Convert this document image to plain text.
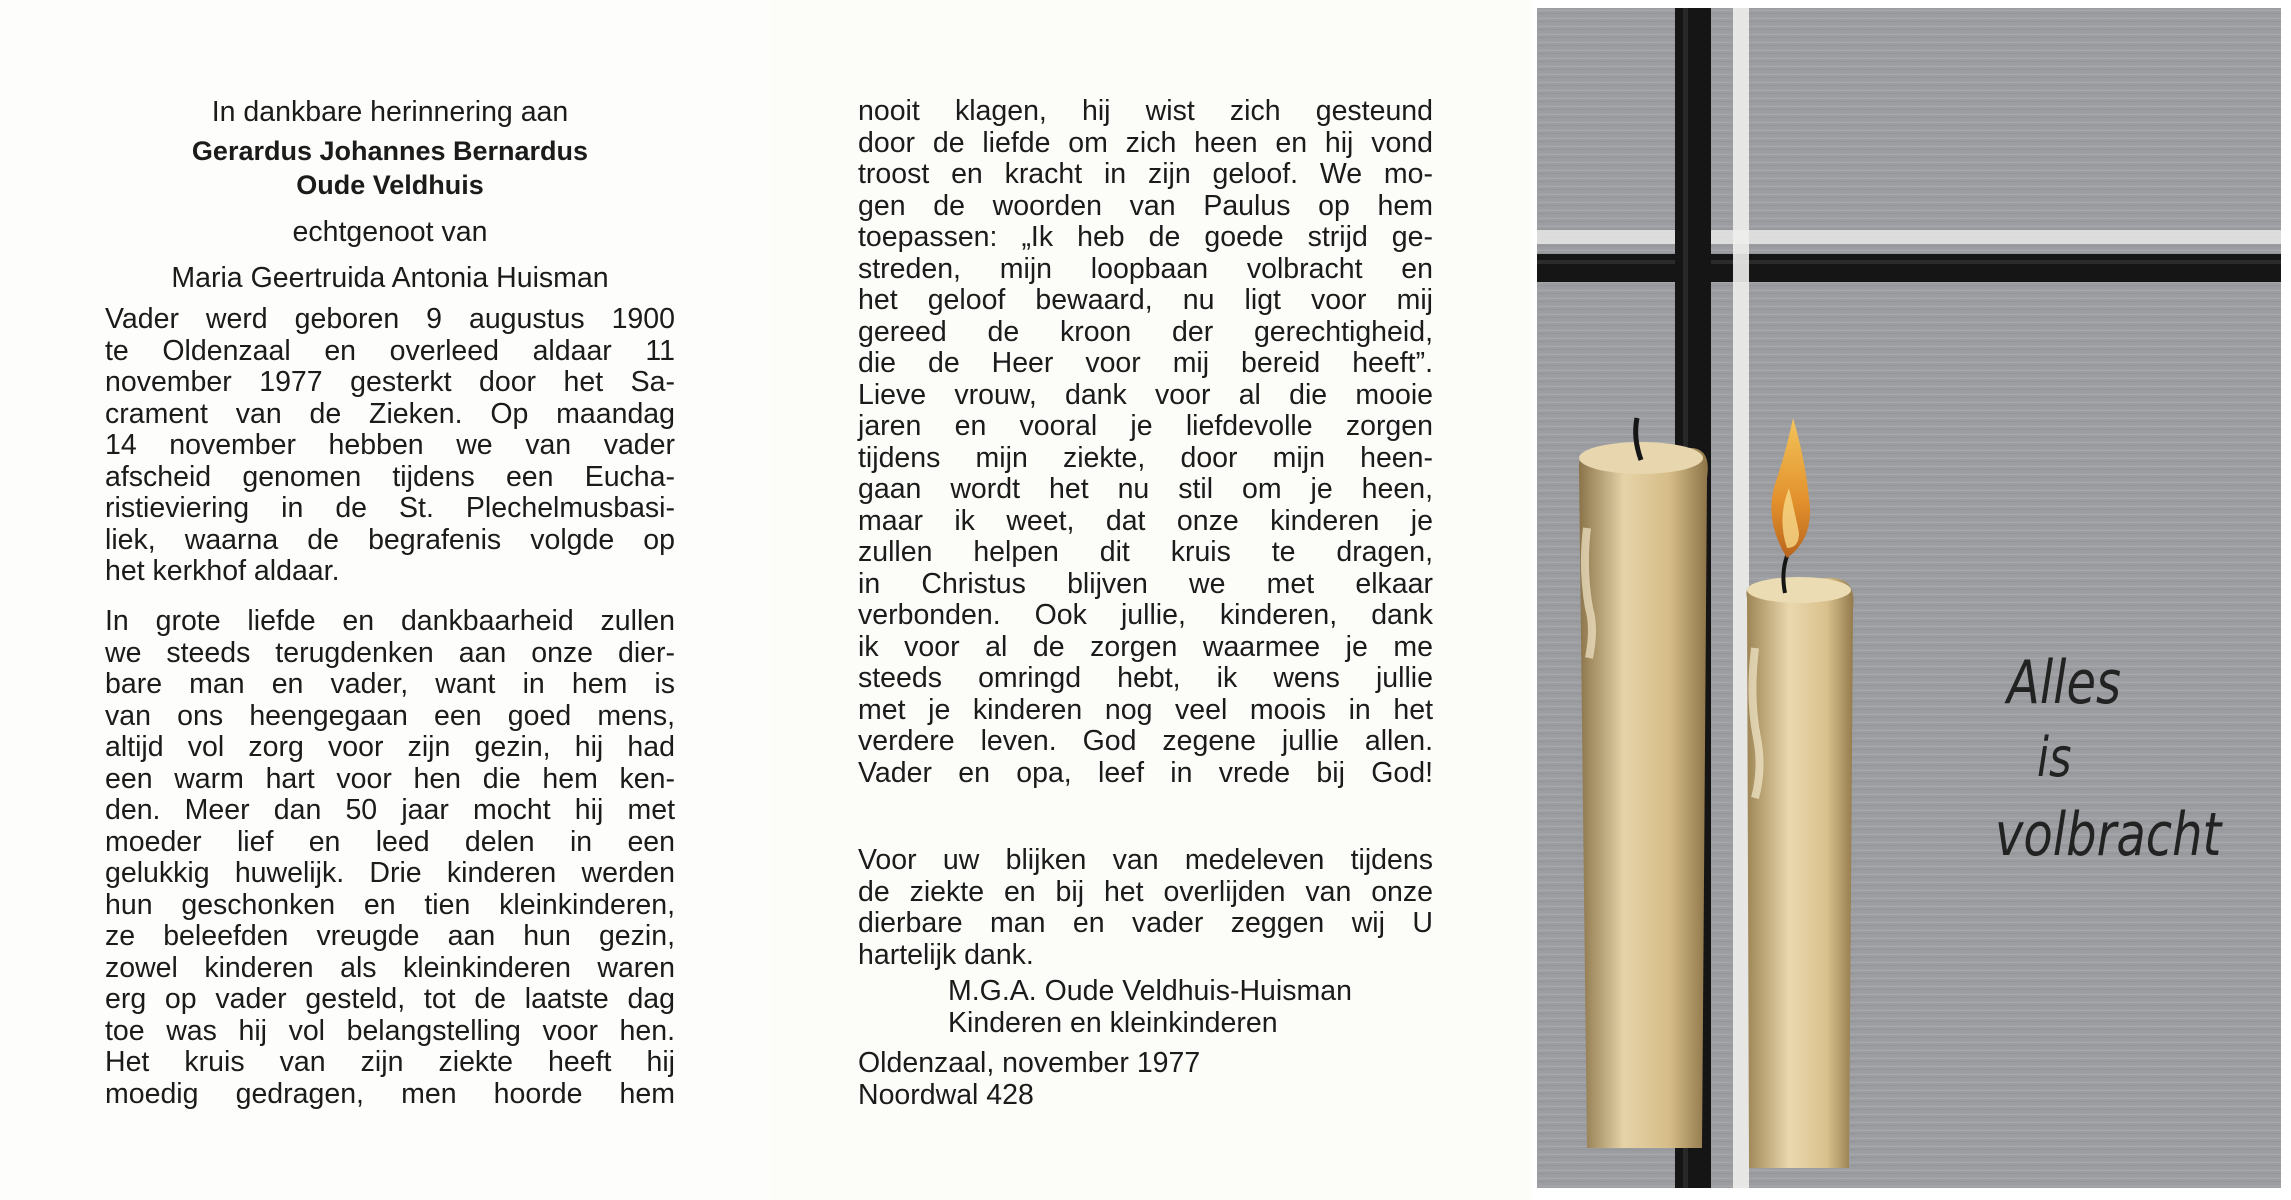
In dankbare herinnering aan
Gerardus Johannes Bernardus
Oude Veldhuis
echtgenoot van
Maria Geertruida Antonia Huisman
Vader werd geboren 9 augustus 1900
te Oldenzaal en overleed aldaar 11
november 1977 gesterkt door het Sa-
crament van de Zieken. Op maandag
14 november hebben we van vader
afscheid genomen tijdens een Eucha-
ristieviering in de St. Plechelmusbasi-
liek, waarna de begrafenis volgde op
het kerkhof aldaar.
In grote liefde en dankbaarheid zullen
we steeds terugdenken aan onze dier-
bare man en vader, want in hem is
van ons heengegaan een goed mens,
altijd vol zorg voor zijn gezin, hij had
een warm hart voor hen die hem ken-
den. Meer dan 50 jaar mocht hij met
moeder lief en leed delen in een
gelukkig huwelijk. Drie kinderen werden
hun geschonken en tien kleinkinderen,
ze beleefden vreugde aan hun gezin,
zowel kinderen als kleinkinderen waren
erg op vader gesteld, tot de laatste dag
toe was hij vol belangstelling voor hen.
Het kruis van zijn ziekte heeft hij
moedig gedragen, men hoorde hem
nooit klagen, hij wist zich gesteund
door de liefde om zich heen en hij vond
troost en kracht in zijn geloof. We mo-
gen de woorden van Paulus op hem
toepassen: „Ik heb de goede strijd ge-
streden, mijn loopbaan volbracht en
het geloof bewaard, nu ligt voor mij
gereed de kroon der gerechtigheid,
die de Heer voor mij bereid heeft”.
Lieve vrouw, dank voor al die mooie
jaren en vooral je liefdevolle zorgen
tijdens mijn ziekte, door mijn heen-
gaan wordt het nu stil om je heen,
maar ik weet, dat onze kinderen je
zullen helpen dit kruis te dragen,
in Christus blijven we met elkaar
verbonden. Ook jullie, kinderen, dank
ik voor al de zorgen waarmee je me
steeds omringd hebt, ik wens jullie
met je kinderen nog veel moois in het
verdere leven. God zegene jullie allen.
Vader en opa, leef in vrede bij God!
Voor uw blijken van medeleven tijdens
de ziekte en bij het overlijden van onze
dierbare man en vader zeggen wij U
hartelijk dank.
M.G.A. Oude Veldhuis-Huisman
Kinderen en kleinkinderen
Oldenzaal, november 1977
Noordwal 428
Alles
is
volbracht
